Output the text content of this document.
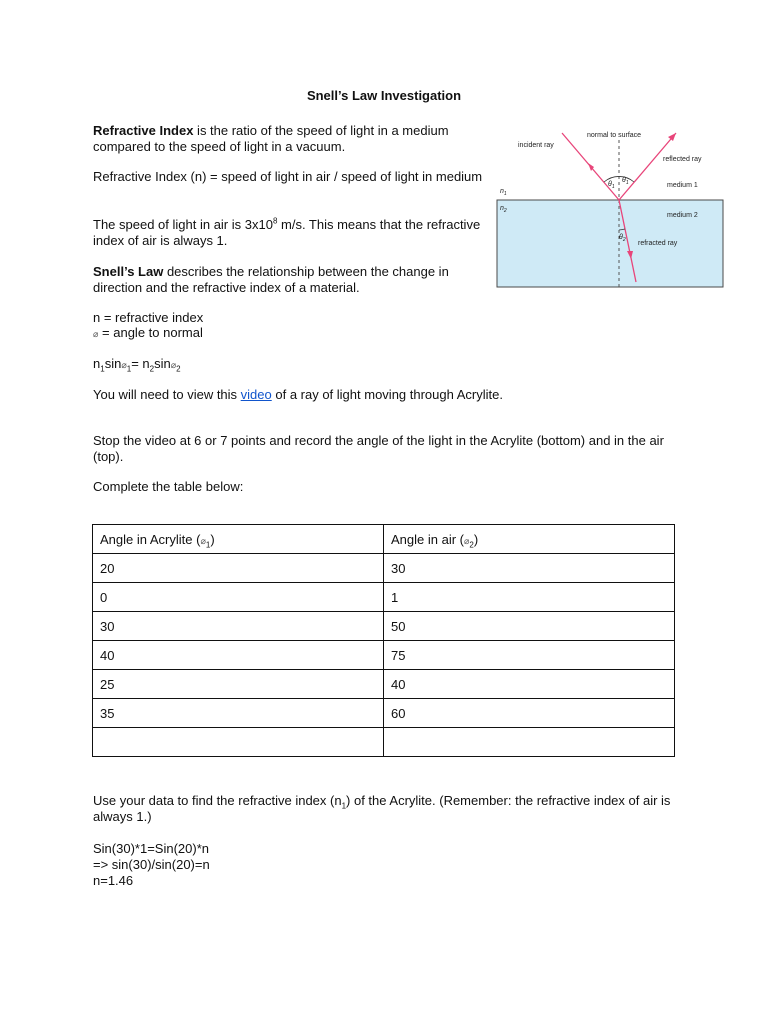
Snell’s Law Investigation
Refractive Index is the ratio of the speed of light in a medium compared to the speed of light in a vacuum.
Refractive Index (n) = speed of light in air / speed of light in medium
The speed of light in air is $3x10^8$ m/s. This means that the refractive index of air is always 1.
Snell’s Law describes the relationship between the change in direction and the refractive index of a material.
n = refractive index
⌀ = angle to normal
$n_1\sin⌀_1=$ $n_2\sin⌀_2$
You will need to view this video of a ray of light moving through Acrylite.
Stop the video at 6 or 7 points and record the angle of the light in the Acrylite (bottom) and in the air (top).
Complete the table below:
Angle in Acrylite $(⌀_1)$	Angle in air $(⌀_2)$
20	30
0	1
30	50
40	75
25	40
35	60

Use your data to find the refractive index $(n_1)$ of the Acrylite. (Remember: the refractive index of air is always 1.)
Sin(30)*1=Sin(20)*n
=> sin(30)/sin(20)=n
n=1.46
normal to surface
incident ray
reflected ray
medium 1
medium 2
refracted ray
$n_1$
$n_2$
$\theta_1$
$\theta_1$
$\theta_2$
